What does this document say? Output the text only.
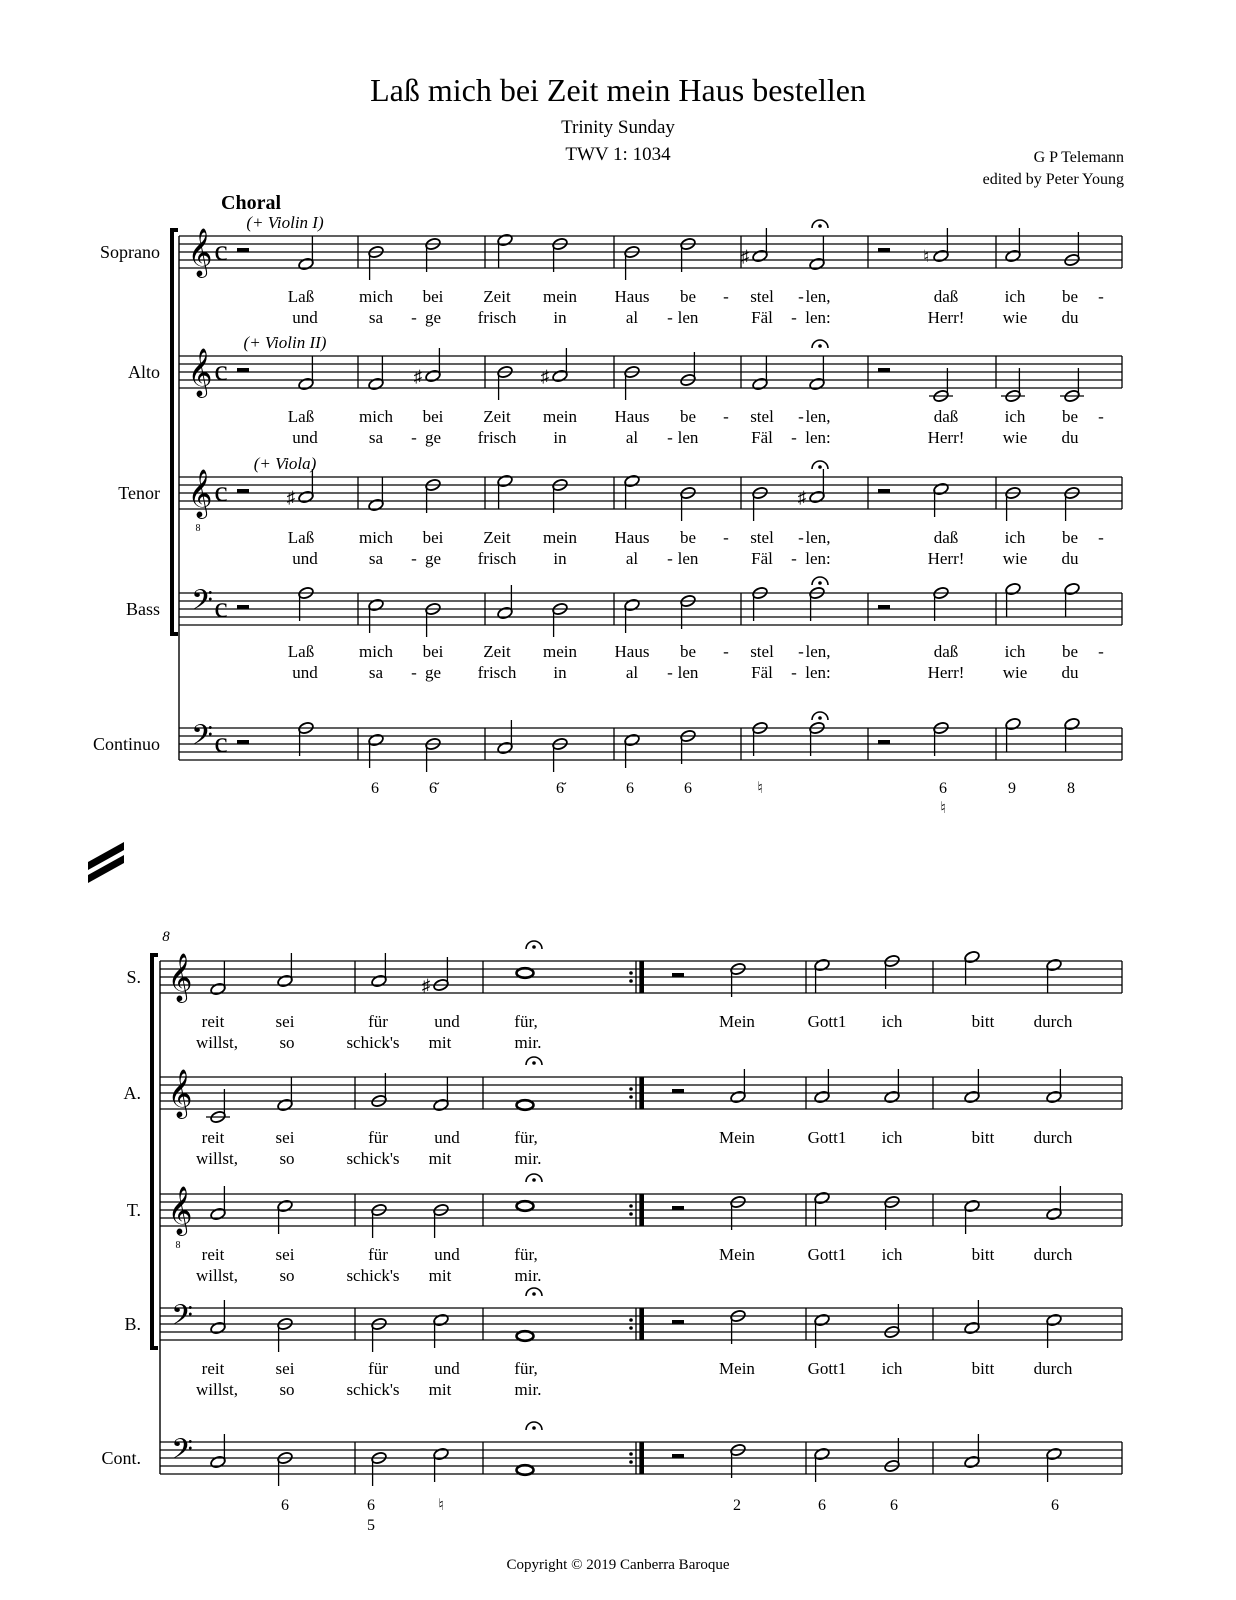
Laß mich bei Zeit mein Haus bestellen
Trinity Sunday
TWV 1: 1034	G P Telemann
edited by Peter Young
Copyright © 2019 Canberra Baroque
Choral
Soprano 𝄞 c
(+ Violin I)
♯	♮
Laß	mich bei Zeit mein Haus be - stel - len,	daß	ich be -
und	sa - ge frisch in	al - len	Fäl - len:	Herr! wie du
Alto 𝄞 c
(+ Violin II)
♯	♯
Laß	mich bei Zeit mein Haus be - stel - len,	daß	ich be -
und	sa - ge frisch in	al - len	Fäl - len:	Herr! wie du
Tenor 𝄞
8
c
(+ Viola)
♯	♯
Laß	mich bei Zeit mein Haus be - stel - len,	daß	ich be -
und	sa - ge frisch in	al - len	Fäl - len:	Herr! wie du
Bass 𝄢 c
Laß	mich bei Zeit mein Haus be - stel - len,	daß	ich be -
und	sa - ge frisch in	al - len	Fäl - len:	Herr! wie du
Continuo 𝄢 c
6	6̆	6̆	6	6	♮	6
♮
9	8
8
S. 𝄞	♯
reit	sei	für	und	für,	Mein	Gott1 ich	bitt durch
willst, so	schick's mit	mir.
A. 𝄞
reit	sei	für	und	für,	Mein	Gott1 ich	bitt durch
willst, so	schick's mit	mir.
T. 𝄞
8 reit	sei	für	und	für,	Mein	Gott1 ich	bitt durch
willst, so	schick's mit	mir.
B. 𝄢
reit	sei	für	und	für,	Mein	Gott1 ich	bitt durch
willst, so	schick's mit	mir.
Cont. 𝄢
6	6
5
♮	2	6	6	6
